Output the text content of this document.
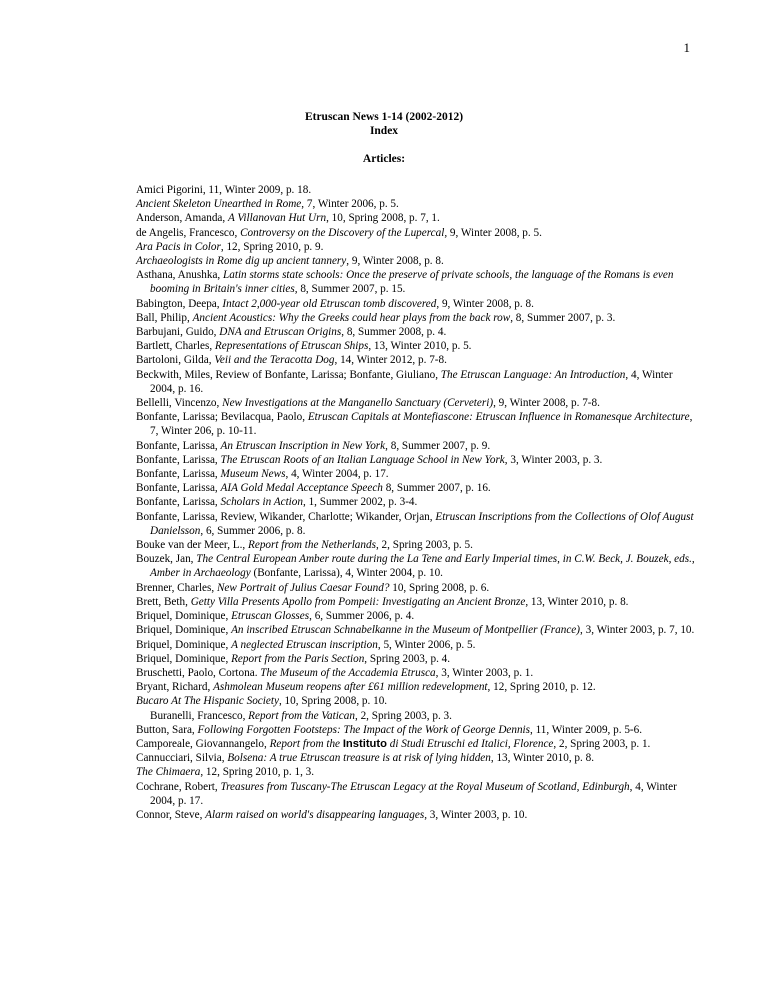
1
Etruscan News 1-14 (2002-2012)
Index
Articles:
Amici Pigorini, 11, Winter 2009, p. 18.
Ancient Skeleton Unearthed in Rome, 7, Winter 2006, p. 5.
Anderson, Amanda, A Villanovan Hut Urn, 10, Spring 2008, p. 7, 1.
de Angelis, Francesco, Controversy on the Discovery of the Lupercal, 9, Winter 2008, p. 5.
Ara Pacis in Color, 12, Spring 2010, p. 9.
Archaeologists in Rome dig up ancient tannery, 9, Winter 2008, p. 8.
Asthana, Anushka, Latin storms state schools: Once the preserve of private schools, the language of the Romans is even booming in Britain's inner cities, 8, Summer 2007, p. 15.
Babington, Deepa, Intact 2,000-year old Etruscan tomb discovered, 9, Winter 2008, p. 8.
Ball, Philip, Ancient Acoustics: Why the Greeks could hear plays from the back row, 8, Summer 2007, p. 3.
Barbujani, Guido, DNA and Etruscan Origins, 8, Summer 2008, p. 4.
Bartlett, Charles, Representations of Etruscan Ships, 13, Winter 2010, p. 5.
Bartoloni, Gilda, Veii and the Teracotta Dog, 14, Winter 2012, p. 7-8.
Beckwith, Miles, Review of Bonfante, Larissa; Bonfante, Giuliano, The Etruscan Language: An Introduction, 4, Winter 2004, p. 16.
Bellelli, Vincenzo, New Investigations at the Manganello Sanctuary (Cerveteri), 9, Winter 2008, p. 7-8.
Bonfante, Larissa; Bevilacqua, Paolo, Etruscan Capitals at Montefiascone: Etruscan Influence in Romanesque Architecture, 7, Winter 206, p. 10-11.
Bonfante, Larissa, An Etruscan Inscription in New York, 8, Summer 2007, p. 9.
Bonfante, Larissa, The Etruscan Roots of an Italian Language School in New York, 3, Winter 2003, p. 3.
Bonfante, Larissa, Museum News, 4, Winter 2004, p. 17.
Bonfante, Larissa, AIA Gold Medal Acceptance Speech 8, Summer 2007, p. 16.
Bonfante, Larissa, Scholars in Action, 1, Summer 2002, p. 3-4.
Bonfante, Larissa, Review, Wikander, Charlotte; Wikander, Orjan, Etruscan Inscriptions from the Collections of Olof August Danielsson, 6, Summer 2006, p. 8.
Bouke van der Meer, L., Report from the Netherlands, 2, Spring 2003, p. 5.
Bouzek, Jan, The Central European Amber route during the La Tene and Early Imperial times, in C.W. Beck, J. Bouzek, eds., Amber in Archaeology (Bonfante, Larissa), 4, Winter 2004, p. 10.
Brenner, Charles, New Portrait of Julius Caesar Found? 10, Spring 2008, p. 6.
Brett, Beth, Getty Villa Presents Apollo from Pompeii: Investigating an Ancient Bronze, 13, Winter 2010, p. 8.
Briquel, Dominique, Etruscan Glosses, 6, Summer 2006, p. 4.
Briquel, Dominique, An inscribed Etruscan Schnabelkanne in the Museum of Montpellier (France), 3, Winter 2003, p. 7, 10.
Briquel, Dominique, A neglected Etruscan inscription, 5, Winter 2006, p. 5.
Briquel, Dominique, Report from the Paris Section, Spring 2003, p. 4.
Bruschetti, Paolo, Cortona. The Museum of the Accademia Etrusca, 3, Winter 2003, p. 1.
Bryant, Richard, Ashmolean Museum reopens after £61 million redevelopment, 12, Spring 2010, p. 12.
Bucaro At The Hispanic Society, 10, Spring 2008, p. 10.
Buranelli, Francesco, Report from the Vatican, 2, Spring 2003, p. 3.
Button, Sara, Following Forgotten Footsteps: The Impact of the Work of George Dennis, 11, Winter 2009, p. 5-6.
Camporeale, Giovannangelo, Report from the Instituto di Studi Etruschi ed Italici, Florence, 2, Spring 2003, p. 1.
Cannucciari, Silvia, Bolsena: A true Etruscan treasure is at risk of lying hidden, 13, Winter 2010, p. 8.
The Chimaera, 12, Spring 2010, p. 1, 3.
Cochrane, Robert, Treasures from Tuscany-The Etruscan Legacy at the Royal Museum of Scotland, Edinburgh, 4, Winter 2004, p. 17.
Connor, Steve, Alarm raised on world's disappearing languages, 3, Winter 2003, p. 10.
